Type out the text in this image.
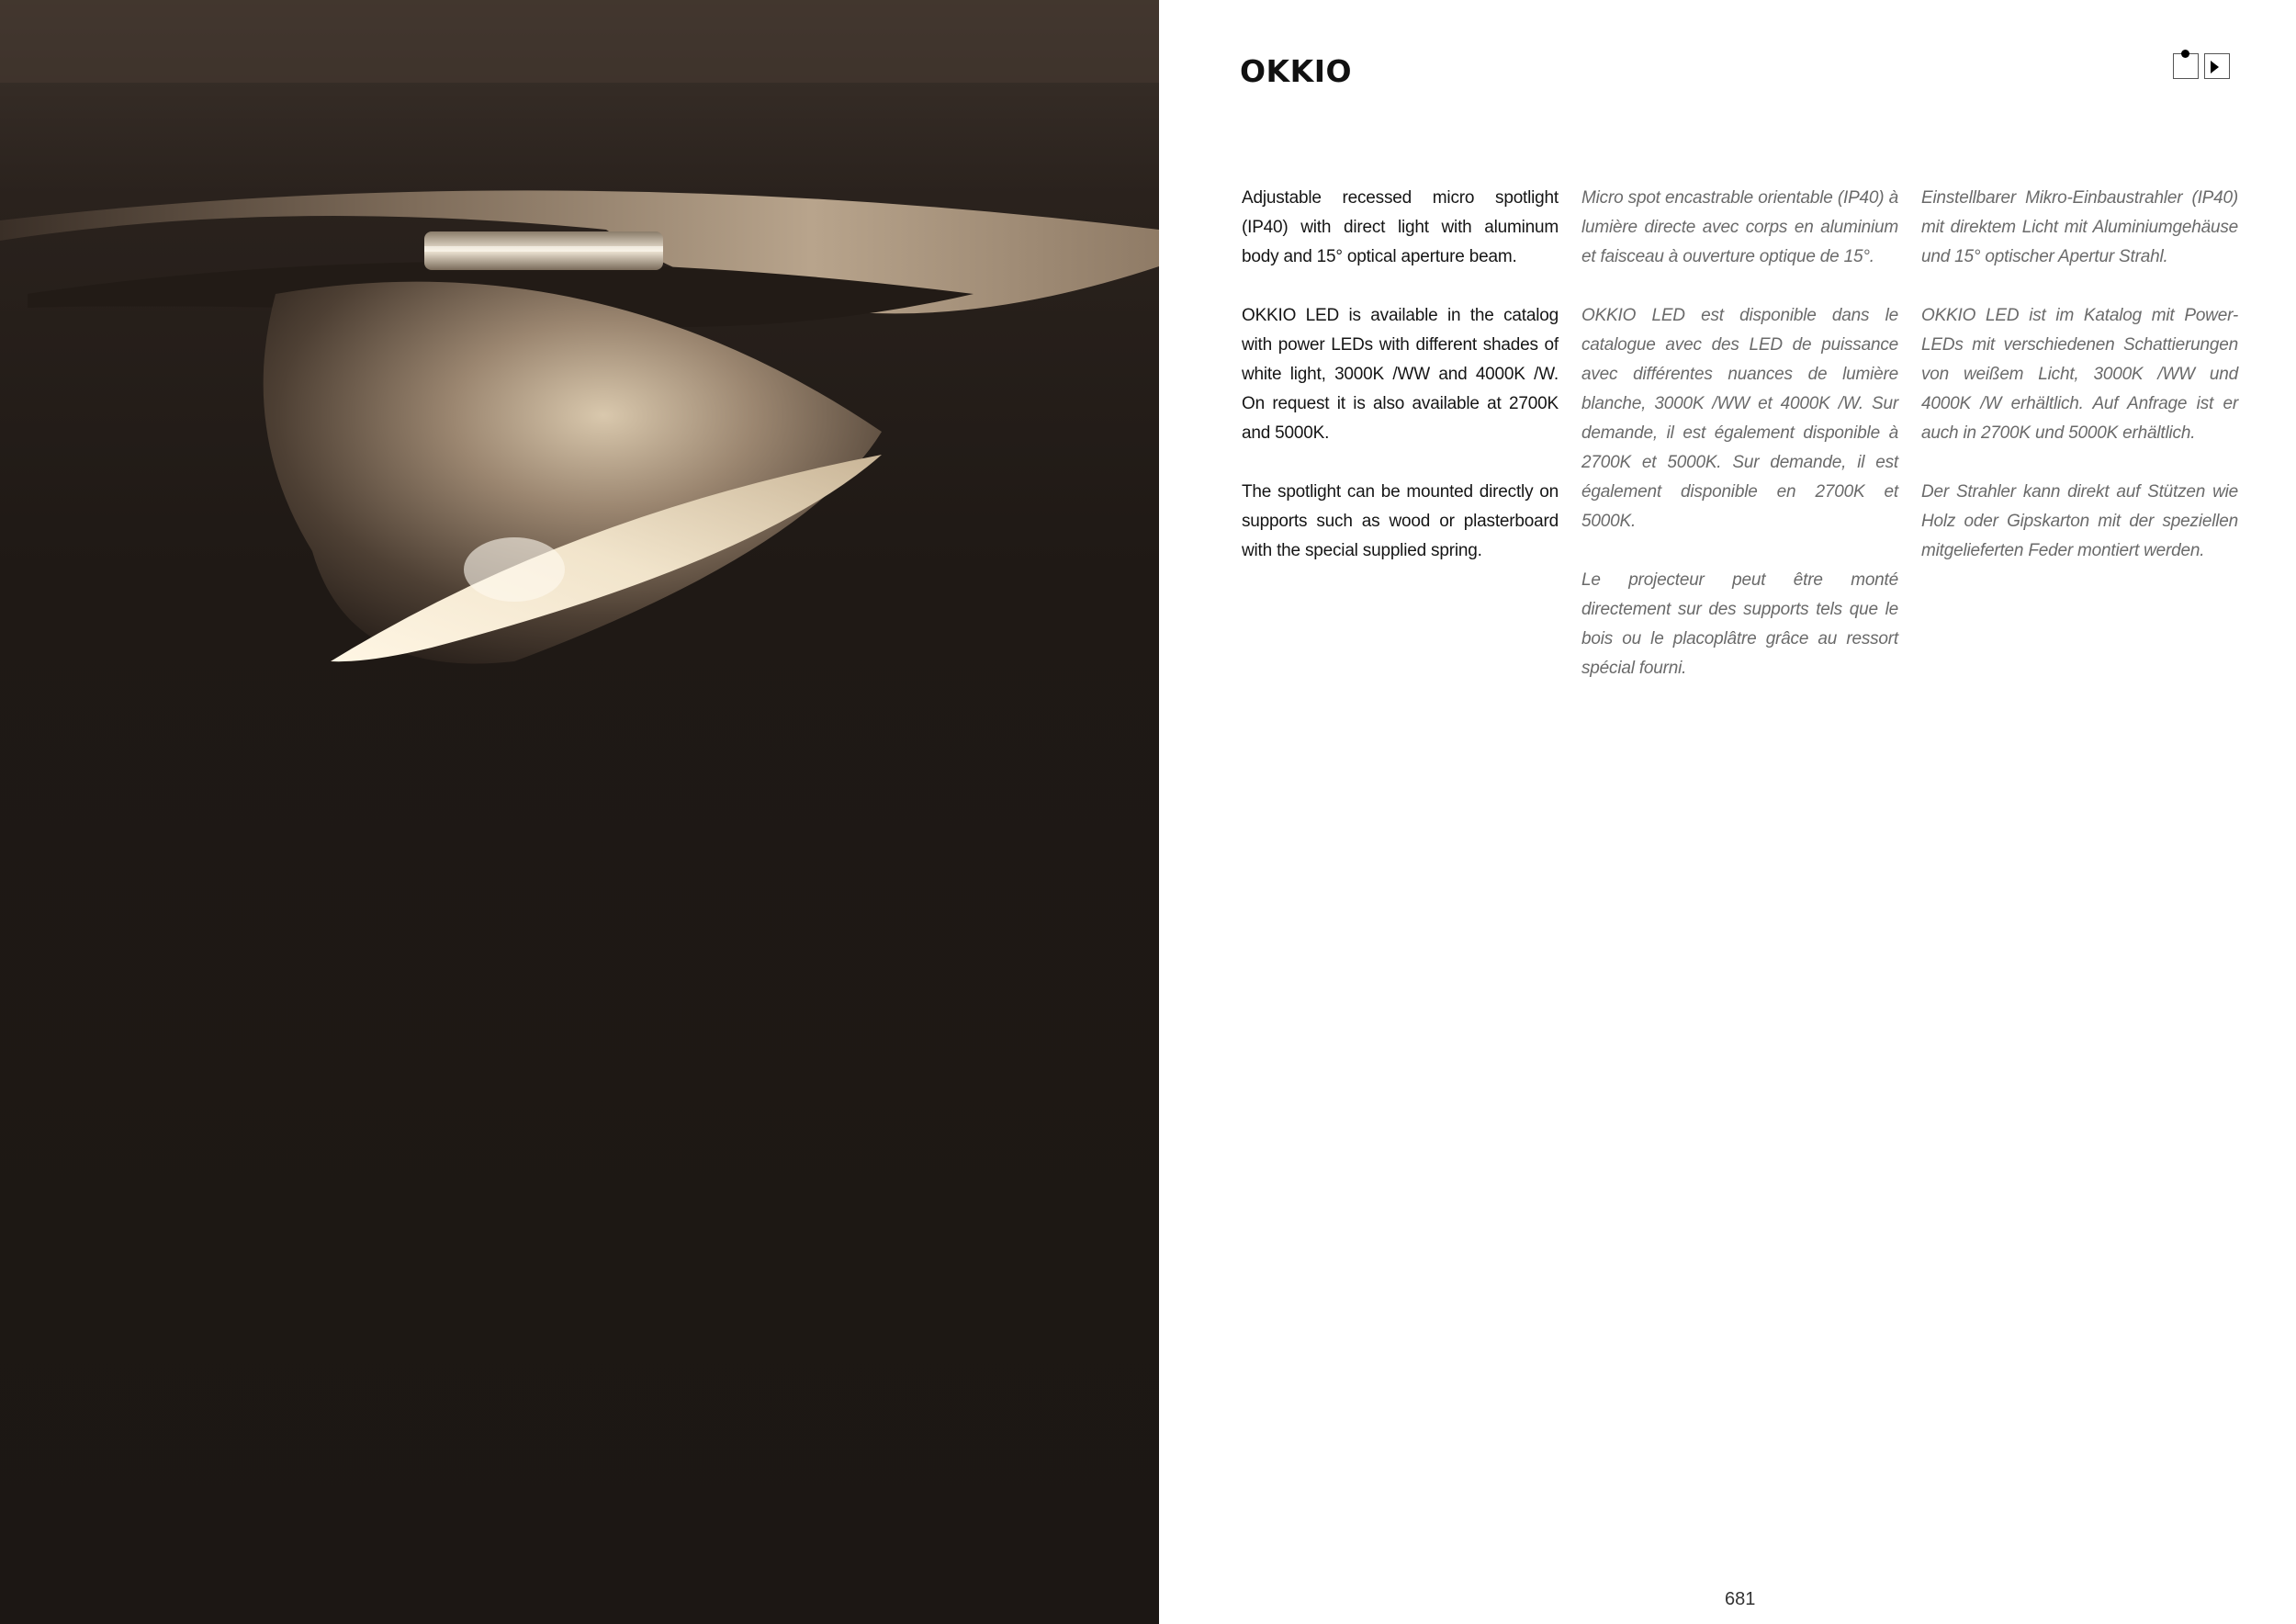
OKKIO

Adjustable recessed micro spotlight (IP40) with direct light with aluminum body and 15° optical aperture beam.

OKKIO LED is available in the catalog with power LEDs with different shades of white light, 3000K /WW and 4000K /W. On request it is also available at 2700K and 5000K.

The spotlight can be mounted directly on supports such as wood or plasterboard with the special supplied spring.

Micro spot encastrable orientable (IP40) à lumière directe avec corps en aluminium et faisceau à ouverture optique de 15°.

OKKIO LED est disponible dans le catalogue avec des LED de puissance avec différentes nuances de lumière blanche, 3000K /WW et 4000K /W. Sur demande, il est également disponible à 2700K et 5000K. Sur demande, il est également disponible en 2700K et 5000K.

Le projecteur peut être monté directement sur des supports tels que le bois ou le placoplâtre grâce au ressort spécial fourni.

Einstellbarer Mikro-Einbaustrahler (IP40) mit direktem Licht mit Aluminiumgehäuse und 15° optischer Apertur Strahl.

OKKIO LED ist im Katalog mit Power-LEDs mit verschiedenen Schattierungen von weißem Licht, 3000K /WW und 4000K /W erhältlich. Auf Anfrage ist er auch in 2700K und 5000K erhältlich.

Der Strahler kann direkt auf Stützen wie Holz oder Gipskarton mit der speziellen mitgelieferten Feder montiert werden.

681
